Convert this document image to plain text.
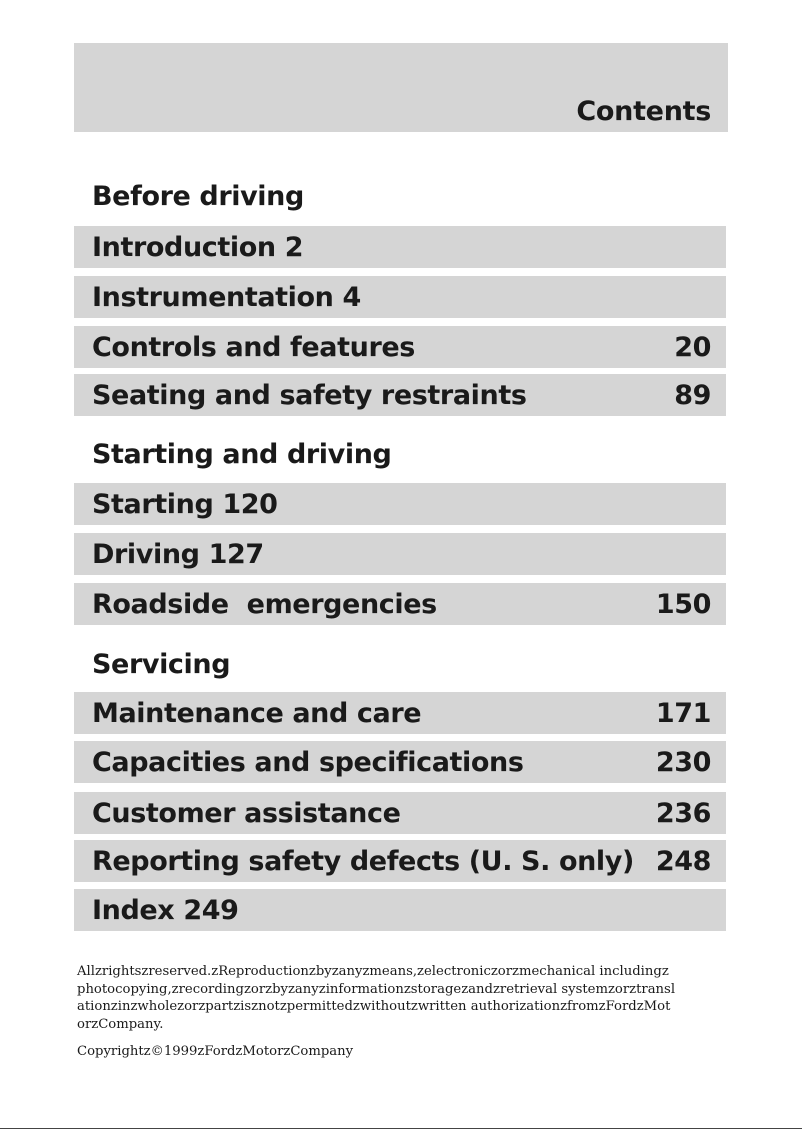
Contents
Before driving
Introduction 2
Instrumentation 4
Controls and features	20
Seating and safety restraints	89
Starting and driving
Starting 120
Driving 127
Roadside  emergencies	150
Servicing
Maintenance and care	171
Capacities and specifications	230
Customer assistance	236
Reporting safety defects (U. S. only) 248
Index 249
Allzrightszreserved.zReproductionzbyzanyzmeans,zelectroniczorzmechanical includingzphotocopying,zrecordingzorzbyzanyzinformationzstoragezandzretrieval systemzorztranslationzinzwholezorzpartzisznotzpermittedzwithoutzwritten authorizationzfromzFordzMotorzCompany.
Copyrightz©1999zFordzMotorzCompany
